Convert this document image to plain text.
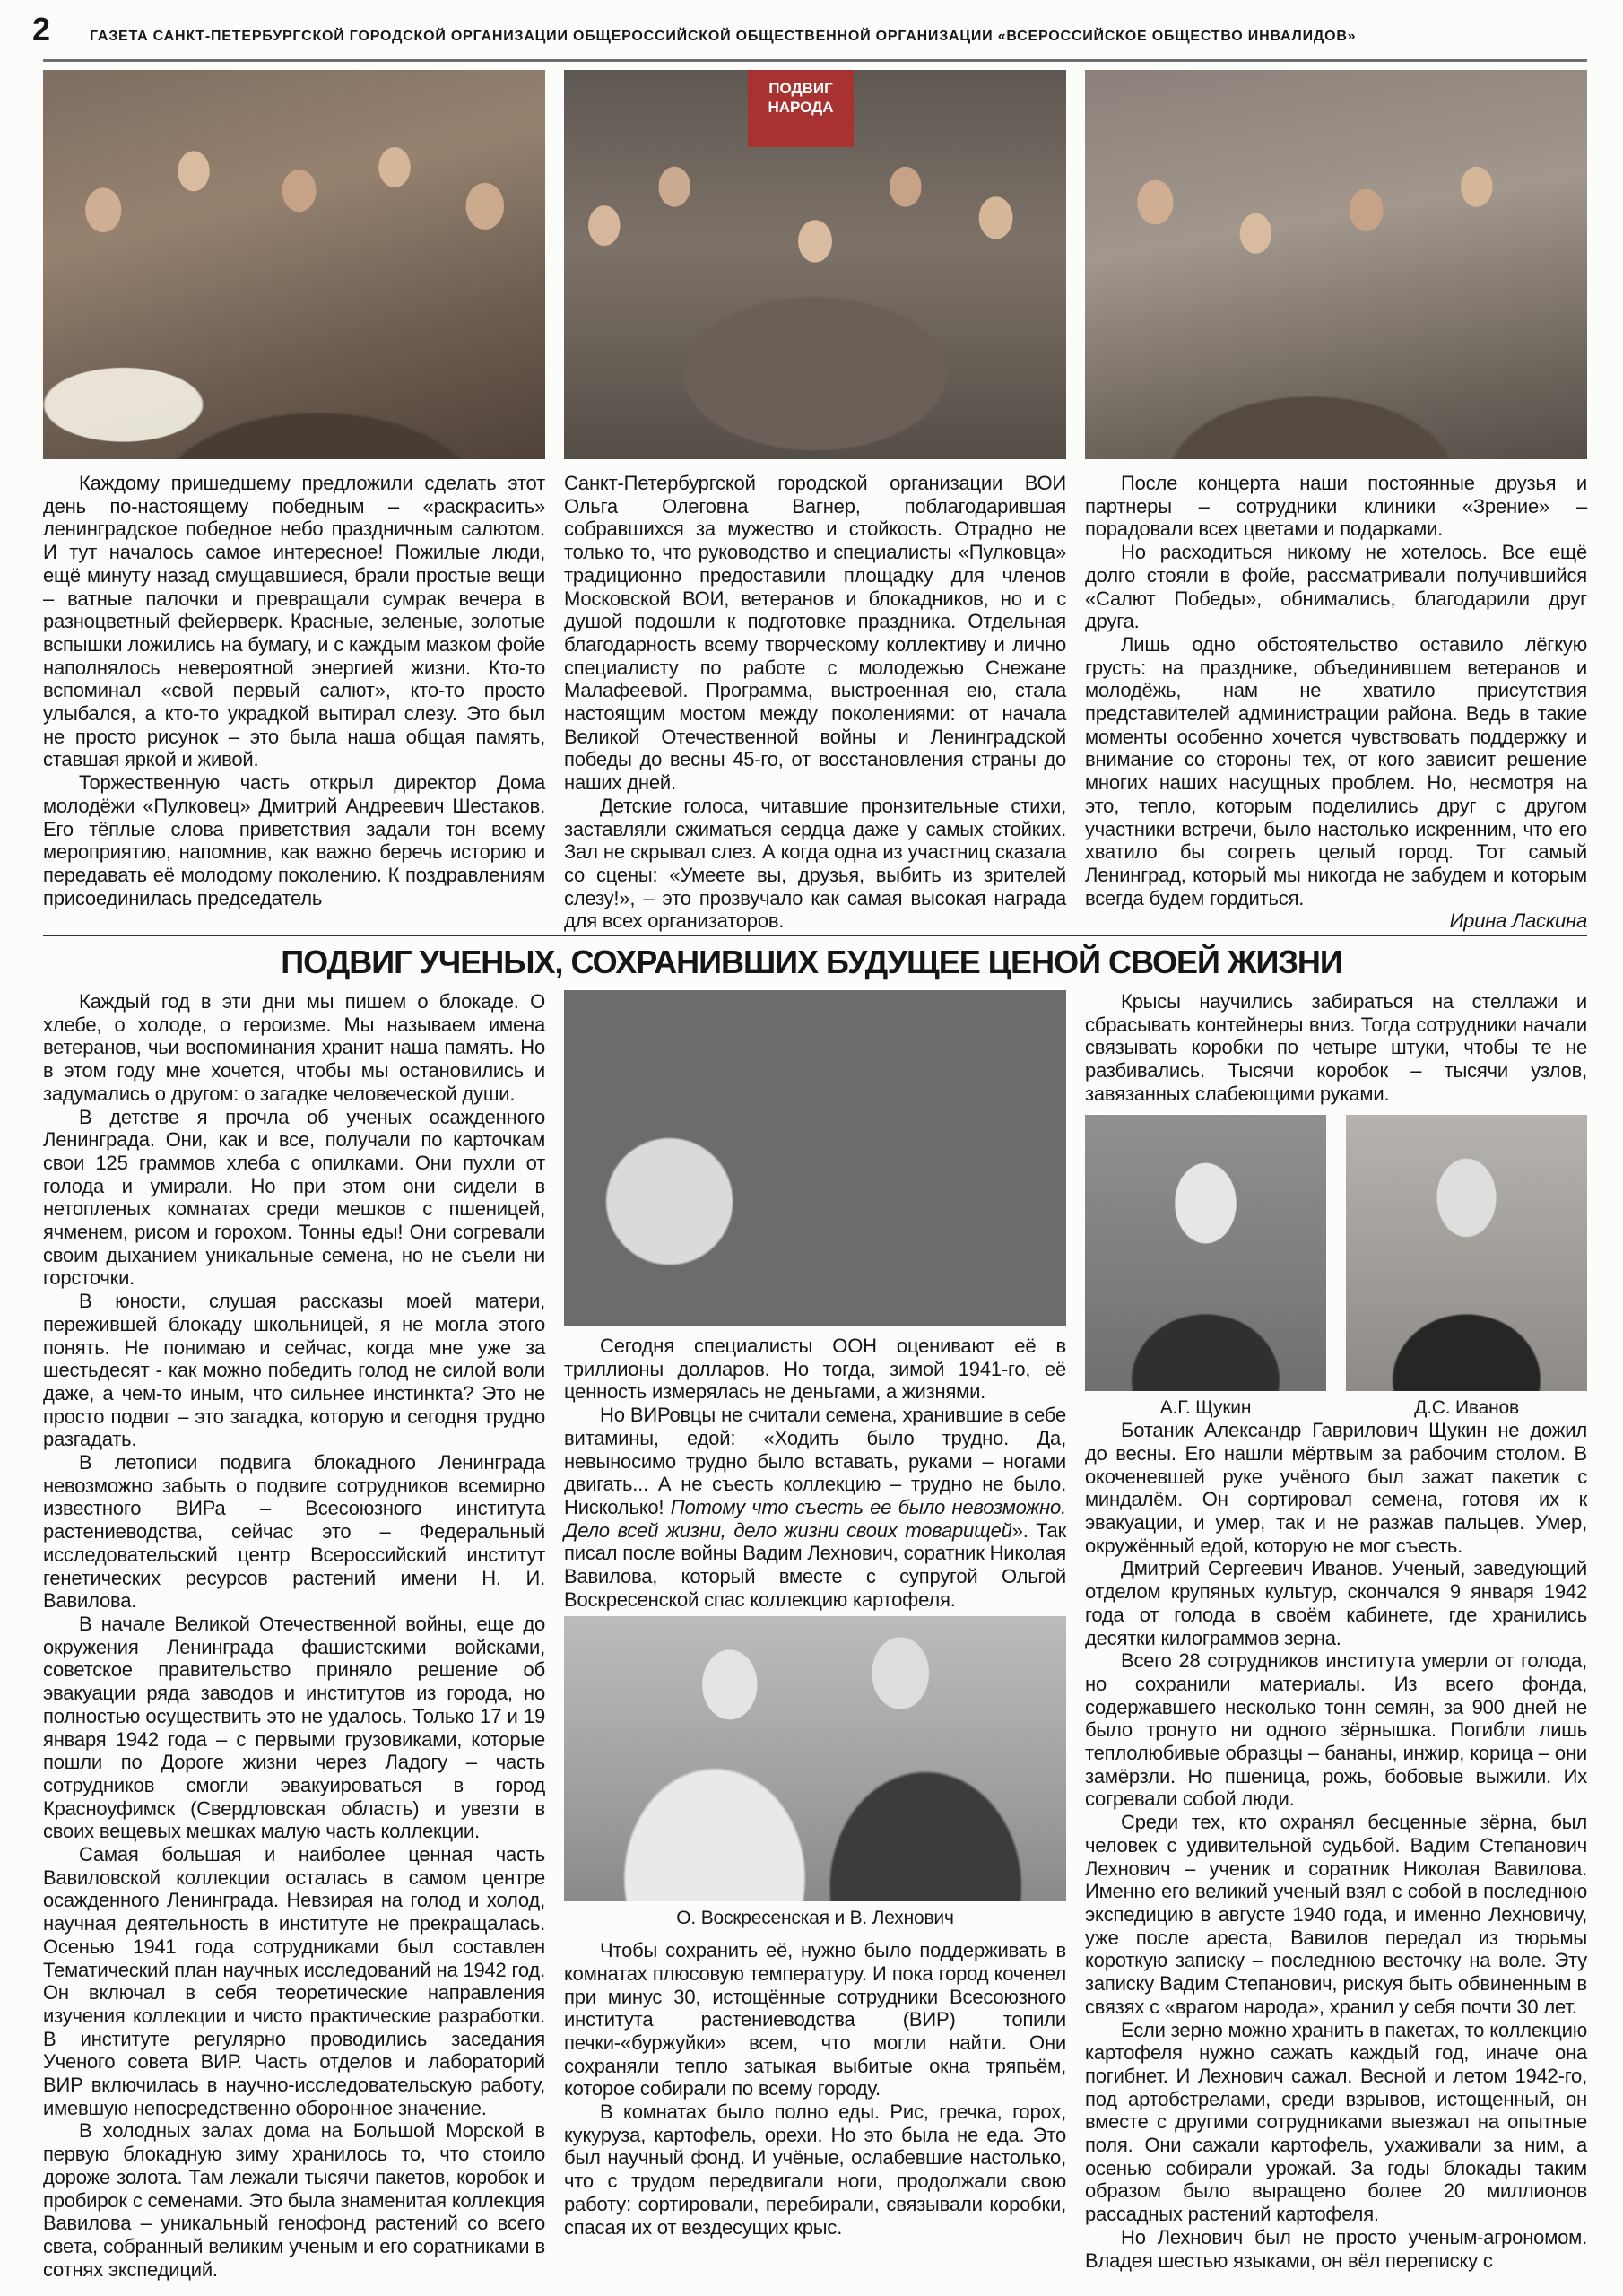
2	ГАЗЕТА САНКТ-ПЕТЕРБУРГСКОЙ ГОРОДСКОЙ ОРГАНИЗАЦИИ ОБЩЕРОССИЙСКОЙ ОБЩЕСТВЕННОЙ ОРГАНИЗАЦИИ «ВСЕРОССИЙСКОЕ ОБЩЕСТВО ИНВАЛИДОВ»
ПОДВИГ
НАРОДА

Каждому пришедшему предложили сделать этот день по-настоящему победным – «раскрасить» ленинградское победное небо праздничным салютом. И тут началось самое интересное! Пожилые люди, ещё минуту назад смущавшиеся, брали простые вещи – ватные палочки и превращали сумрак вечера в разноцветный фейерверк. Красные, зеленые, золотые вспышки ложились на бумагу, и с каждым мазком фойе наполнялось невероятной энергией жизни. Кто-то вспоминал «свой первый салют», кто-то просто улыбался, а кто-то украдкой вытирал слезу. Это был не просто рисунок – это была наша общая память, ставшая яркой и живой.

Торжественную часть открыл директор Дома молодёжи «Пулковец» Дмитрий Андреевич Шестаков. Его тёплые слова приветствия задали тон всему мероприятию, напомнив, как важно беречь историю и передавать её молодому поколению. К поздравлениям присоединилась председатель

Санкт-Петербургской городской организации ВОИ Ольга Олеговна Вагнер, поблагодарившая собравшихся за мужество и стойкость. Отрадно не только то, что руководство и специалисты «Пулковца» традиционно предоставили площадку для членов Московской ВОИ, ветеранов и блокадников, но и с душой подошли к подготовке праздника. Отдельная благодарность всему творческому коллективу и лично специалисту по работе с молодежью Снежане Малафеевой. Программа, выстроенная ею, стала настоящим мостом между поколениями: от начала Великой Отечественной войны и Ленинградской победы до весны 45-го, от восстановления страны до наших дней.

Детские голоса, читавшие пронзительные стихи, заставляли сжиматься сердца даже у самых стойких. Зал не скрывал слез. А когда одна из участниц сказала со сцены: «Умеете вы, друзья, выбить из зрителей слезу!», – это прозвучало как самая высокая награда для всех организаторов.

После концерта наши постоянные друзья и партнеры – сотрудники клиники «Зрение» – порадовали всех цветами и подарками.

Но расходиться никому не хотелось. Все ещё долго стояли в фойе, рассматривали получившийся «Салют Победы», обнимались, благодарили друг друга.

Лишь одно обстоятельство оставило лёгкую грусть: на празднике, объединившем ветеранов и молодёжь, нам не хватило присутствия представителей администрации района. Ведь в такие моменты особенно хочется чувствовать поддержку и внимание со стороны тех, от кого зависит решение многих наших насущных проблем. Но, несмотря на это, тепло, которым поделились друг с другом участники встречи, было настолько искренним, что его хватило бы согреть целый город. Тот самый Ленинград, который мы никогда не забудем и которым всегда будем гордиться.

Ирина Ласкина

ПОДВИГ УЧЕНЫХ, СОХРАНИВШИХ БУДУЩЕЕ ЦЕНОЙ СВОЕЙ ЖИЗНИ

Каждый год в эти дни мы пишем о блокаде. О хлебе, о холоде, о героизме. Мы называем имена ветеранов, чьи воспоминания хранит наша память. Но в этом году мне хочется, чтобы мы остановились и задумались о другом: о загадке человеческой души.

В детстве я прочла об ученых осажденного Ленинграда. Они, как и все, получали по карточкам свои 125 граммов хлеба с опилками. Они пухли от голода и умирали. Но при этом они сидели в нетопленых комнатах среди мешков с пшеницей, ячменем, рисом и горохом. Тонны еды! Они согревали своим дыханием уникальные семена, но не съели ни горсточки.

В юности, слушая рассказы моей матери, пережившей блокаду школьницей, я не могла этого понять. Не понимаю и сейчас, когда мне уже за шестьдесят - как можно победить голод не силой воли даже, а чем-то иным, что сильнее инстинкта? Это не просто подвиг – это загадка, которую и сегодня трудно разгадать.

В летописи подвига блокадного Ленинграда невозможно забыть о подвиге сотрудников всемирно известного ВИРа – Всесоюзного института растениеводства, сейчас это – Федеральный исследовательский центр Всероссийский институт генетических ресурсов растений имени Н. И. Вавилова.

В начале Великой Отечественной войны, еще до окружения Ленинграда фашистскими войсками, советское правительство приняло решение об эвакуации ряда заводов и институтов из города, но полностью осуществить это не удалось. Только 17 и 19 января 1942 года – с первыми грузовиками, которые пошли по Дороге жизни через Ладогу – часть сотрудников смогли эвакуироваться в город Красноуфимск (Свердловская область) и увезти в своих вещевых мешках малую часть коллекции.

Самая большая и наиболее ценная часть Вавиловской коллекции осталась в самом центре осажденного Ленинграда. Невзирая на голод и холод, научная деятельность в институте не прекращалась. Осенью 1941 года сотрудниками был составлен Тематический план научных исследований на 1942 год. Он включал в себя теоретические направления изучения коллекции и чисто практические разработки. В институте регулярно проводились заседания Ученого совета ВИР. Часть отделов и лабораторий ВИР включилась в научно-исследовательскую работу, имевшую непосредственно оборонное значение.

В холодных залах дома на Большой Морской в первую блокадную зиму хранилось то, что стоило дороже золота. Там лежали тысячи пакетов, коробок и пробирок с семенами. Это была знаменитая коллекция Вавилова – уникальный генофонд растений со всего света, собранный великим ученым и его соратниками в сотнях экспедиций.

Сегодня специалисты ООН оценивают её в триллионы долларов. Но тогда, зимой 1941-го, её ценность измерялась не деньгами, а жизнями.

Но ВИРовцы не считали семена, хранившие в себе витамины, едой: «Ходить было трудно. Да, невыносимо трудно было вставать, руками – ногами двигать... А не съесть коллекцию – трудно не было. Нисколько! Потому что съесть ее было невозможно. Дело всей жизни, дело жизни своих товарищей». Так писал после войны Вадим Лехнович, соратник Николая Вавилова, который вместе с супругой Ольгой Воскресенской спас коллекцию картофеля.

О. Воскресенская и В. Лехнович

Чтобы сохранить её, нужно было поддерживать в комнатах плюсовую температуру. И пока город коченел при минус 30, истощённые сотрудники Всесоюзного института растениеводства (ВИР) топили печки-«буржуйки» всем, что могли найти. Они сохраняли тепло затыкая выбитые окна тряпьём, которое собирали по всему городу.

В комнатах было полно еды. Рис, гречка, горох, кукуруза, картофель, орехи. Но это была не еда. Это был научный фонд. И учёные, ослабевшие настолько, что с трудом передвигали ноги, продолжали свою работу: сортировали, перебирали, связывали коробки, спасая их от вездесущих крыс.

Крысы научились забираться на стеллажи и сбрасывать контейнеры вниз. Тогда сотрудники начали связывать коробки по четыре штуки, чтобы те не разбивались. Тысячи коробок – тысячи узлов, завязанных слабеющими руками.

А.Г. Щукин	Д.С. Иванов

Ботаник Александр Гаврилович Щукин не дожил до весны. Его нашли мёртвым за рабочим столом. В окоченевшей руке учёного был зажат пакетик с миндалём. Он сортировал семена, готовя их к эвакуации, и умер, так и не разжав пальцев. Умер, окружённый едой, которую не мог съесть.

Дмитрий Сергеевич Иванов. Ученый, заведующий отделом крупяных культур, скончался 9 января 1942 года от голода в своём кабинете, где хранились десятки килограммов зерна.

Всего 28 сотрудников института умерли от голода, но сохранили материалы. Из всего фонда, содержавшего несколько тонн семян, за 900 дней не было тронуто ни одного зёрнышка. Погибли лишь теплолюбивые образцы – бананы, инжир, корица – они замёрзли. Но пшеница, рожь, бобовые выжили. Их согревали собой люди.

Среди тех, кто охранял бесценные зёрна, был человек с удивительной судьбой. Вадим Степанович Лехнович – ученик и соратник Николая Вавилова. Именно его великий ученый взял с собой в последнюю экспедицию в августе 1940 года, и именно Лехновичу, уже после ареста, Вавилов передал из тюрьмы короткую записку – последнюю весточку на воле. Эту записку Вадим Степанович, рискуя быть обвиненным в связях с «врагом народа», хранил у себя почти 30 лет.

Если зерно можно хранить в пакетах, то коллекцию картофеля нужно сажать каждый год, иначе она погибнет. И Лехнович сажал. Весной и летом 1942-го, под артобстрелами, среди взрывов, истощенный, он вместе с другими сотрудниками выезжал на опытные поля. Они сажали картофель, ухаживали за ним, а осенью собирали урожай. За годы блокады таким образом было выращено более 20 миллионов рассадных растений картофеля.

Но Лехнович был не просто ученым-агрономом. Владея шестью языками, он вёл переписку с
